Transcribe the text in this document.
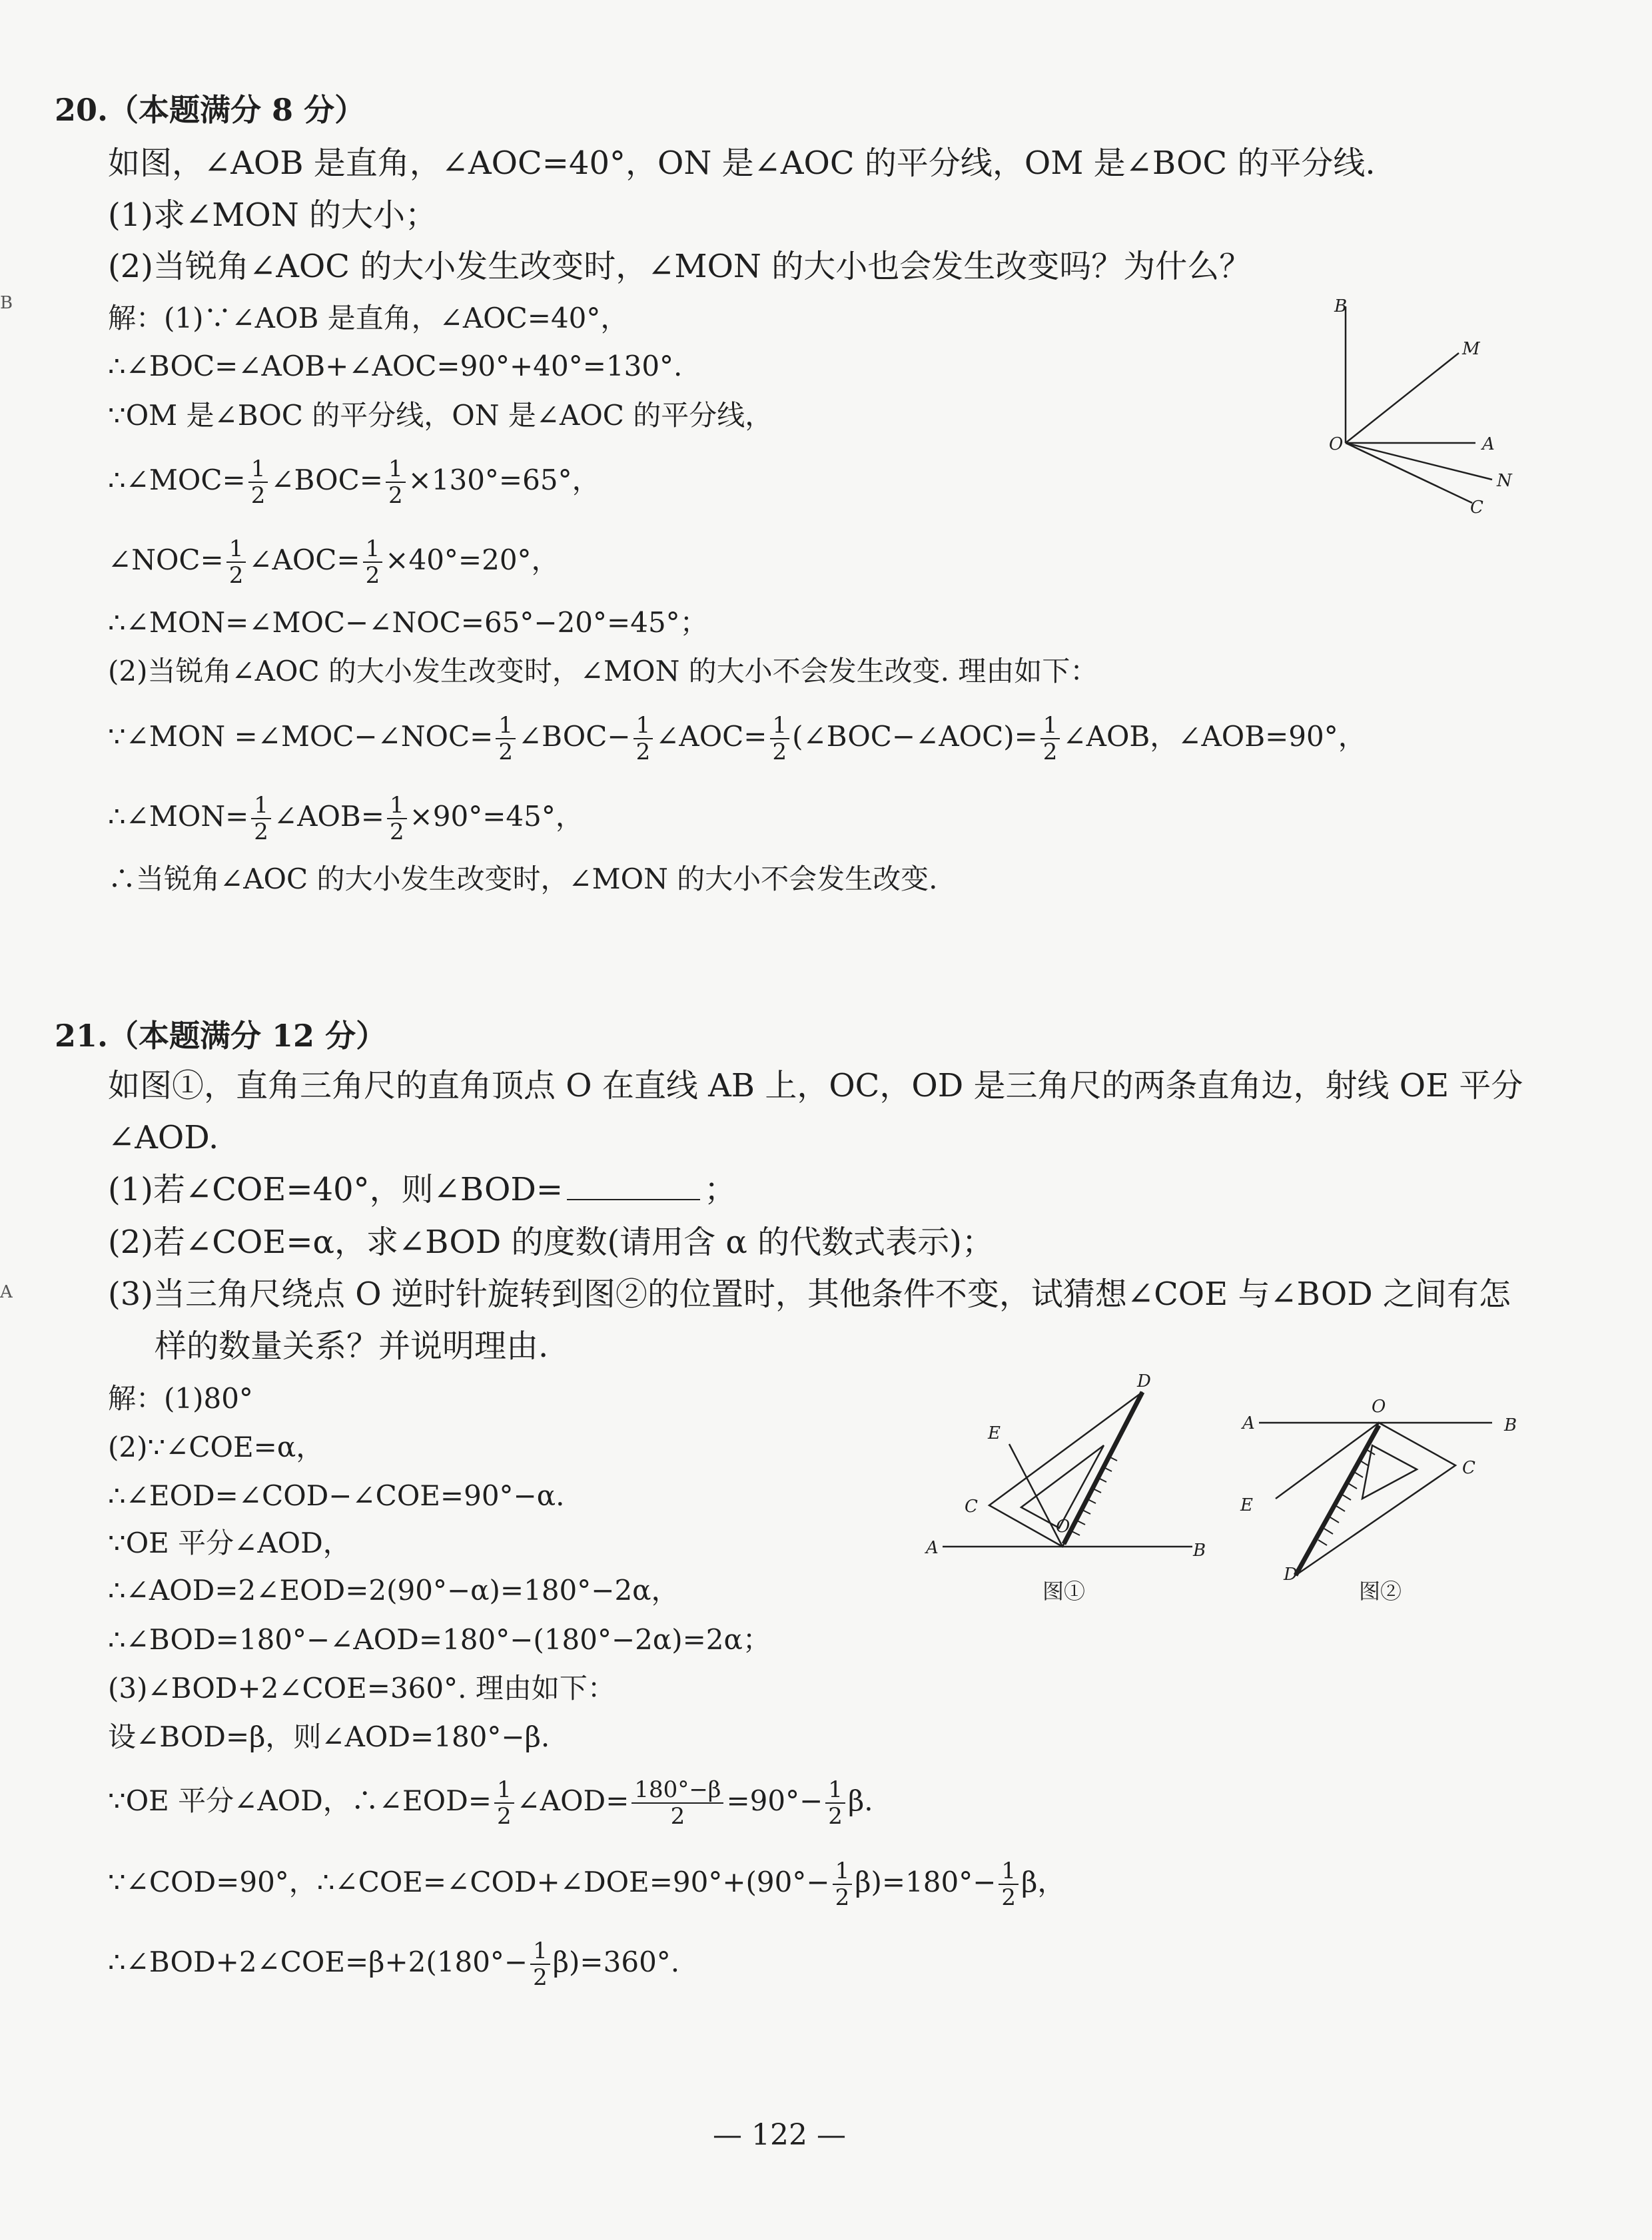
B
A
20.（本题满分 8 分）
如图，∠AOB 是直角，∠AOC=40°，ON 是∠AOC 的平分线，OM 是∠BOC 的平分线.
(1)求∠MON 的大小；
(2)当锐角∠AOC 的大小发生改变时，∠MON 的大小也会发生改变吗？为什么？
解：(1)∵∠AOB 是直角，∠AOC=40°，
∴∠BOC=∠AOB+∠AOC=90°+40°=130°.
∵OM 是∠BOC 的平分线，ON 是∠AOC 的平分线，
∴∠MOC= $\frac{1}{2}$ ∠BOC= $\frac{1}{2} \times 130^\circ=65^\circ$，
∠NOC= $\frac{1}{2}$ ∠AOC= $\frac{1}{2} \times 40^\circ=20^\circ$，
∴∠MON=∠MOC−∠NOC=65°−20°=45°；
(2)当锐角∠AOC 的大小发生改变时，∠MON 的大小不会发生改变. 理由如下：
∵∠MON =∠MOC−∠NOC= $\frac{1}{2}$ ∠BOC− $\frac{1}{2}$ ∠AOC= $\frac{1}{2}$ (∠BOC−∠AOC)= $\frac{1}{2}$ ∠AOB，∠AOB=90°，
∴∠MON= $\frac{1}{2}$ ∠AOB= $\frac{1}{2} \times 90^\circ=45^\circ$，
∴当锐角∠AOC 的大小发生改变时，∠MON 的大小不会发生改变.
B
M
O	A
N
C
21.（本题满分 12 分）
如图①，直角三角尺的直角顶点 O 在直线 AB 上，OC，OD 是三角尺的两条直角边，射线 OE 平分
∠AOD.
(1)若∠COE=40°，则∠BOD=	；
(2)若∠COE=α，求∠BOD 的度数(请用含 α 的代数式表示)；
(3)当三角尺绕点 O 逆时针旋转到图②的位置时，其他条件不变，试猜想∠COE 与∠BOD 之间有怎
样的数量关系？并说明理由.
解：(1)80°
(2)∵∠COE=α，
∴∠EOD=∠COD−∠COE=90°−α.
∵OE 平分∠AOD，
∴∠AOD=2∠EOD=2(90°−α)=180°−2α，
∴∠BOD=180°−∠AOD=180°−(180°−2α)=2α；
(3)∠BOD+2∠COE=360°. 理由如下：
设∠BOD=β，则∠AOD=180°−β.
∵OE 平分∠AOD，∴∠EOD= $\frac{1}{2}$ ∠AOD= $\frac{180^\circ-\beta}{2} =90^\circ- \frac{1}{2} \beta$.
∵∠COD=90°，∴∠COE=∠COD+∠DOE=90°+(90°− $\frac{1}{2} \beta)=180^\circ- \frac{1}{2}$ β，
∴∠BOD+2∠COE=β+2(180°− $\frac{1}{2} \beta)=360^\circ$.
D
E
C
A
O
B
图①
A
O
B
C
E
D
图②
— 122 —
